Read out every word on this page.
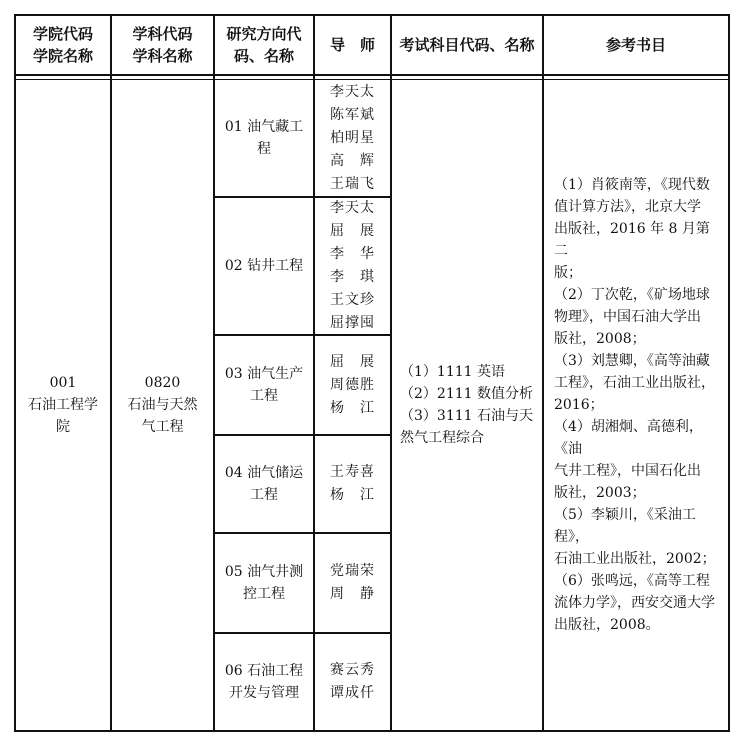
学院代码
学院名称
学科代码
学科名称
研究方向代
码、名称
导　师 考试科目代码、名称	参考书目
001
石油工程学
院
0820
石油与天然
气工程
01 油气藏工
程
李天太
陈军斌
柏明星
高　辉
王瑞飞
02 钻井工程
李天太
屈　展
李　华
李　琪
王文珍
屈撑囤
03 油气生产
工程
屈　展
周德胜
杨　江
04 油气储运
工程
王寿喜
杨　江
05 油气井测
控工程
党瑞荣
周　静
06 石油工程
开发与管理
赛云秀
谭成仟
（1）1111 英语
（2）2111 数值分析
（3）3111 石油与天
然气工程综合
（1）肖筱南等，《现代数
值计算方法》，北京大学
出版社，2016 年 8 月第二
版；
（2）丁次乾，《矿场地球
物理》，中国石油大学出
版社，2008；
（3）刘慧卿，《高等油藏
工程》，石油工业出版社，
2016；
（4）胡湘炯、高德利，《油
气井工程》，中国石化出
版社，2003；
（5）李颖川，《采油工程》，
石油工业出版社，2002；
（6）张鸣远，《高等工程
流体力学》，西安交通大学
出版社，2008。
